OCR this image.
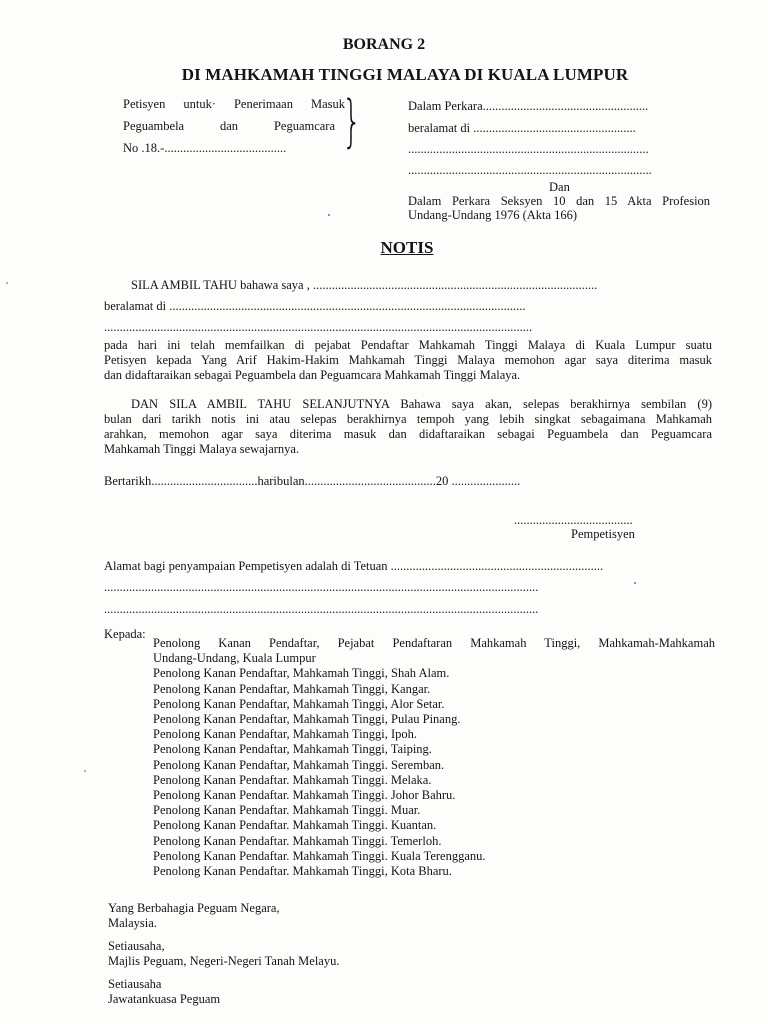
BORANG 2
DI MAHKAMAH TINGGI MALAYA DI KUALA LUMPUR
Petisyen untuk· Penerimaan Masuk
Peguambela	dan	Peguamcara
No .18.-....................................... }	Dalam Perkara.....................................................
beralamat di ....................................................
.............................................................................
..............................................................................
Dan
Dalam Perkara Seksyen 10 dan 15 Akta Profesion
Undang-Undang 1976 (Akta 166)
NOTIS
SILA AMBIL TAHU bahawa saya , ...........................................................................................
beralamat di ..................................................................................................................
.........................................................................................................................................
pada hari ini telah memfailkan di pejabat Pendaftar Mahkamah Tinggi Malaya di Kuala Lumpur suatu
Petisyen kepada Yang Arif Hakim-Hakim Mahkamah Tinggi Malaya memohon agar saya diterima masuk
dan didaftaraikan sebagai Peguambela dan Peguamcara Mahkamah Tinggi Malaya.
DAN SILA AMBIL TAHU SELANJUTNYA Bahawa saya akan, selepas berakhirnya sembilan (9)
bulan dari tarikh notis ini atau selepas berakhirnya tempoh yang lebih singkat sebagaimana Mahkamah
arahkan, memohon agar saya diterima masuk dan didaftaraikan sebagai Peguambela dan Peguamcara
Mahkamah Tinggi Malaya sewajarnya.
Bertarikh..................................haribulan..........................................20 ......................
......................................
Pempetisyen
Alamat bagi penyampaian Pempetisyen adalah di Tetuan ....................................................................
...........................................................................................................................................
...........................................................................................................................................
Kepada:
Penolong Kanan Pendaftar, Pejabat Pendaftaran Mahkamah Tinggi, Mahkamah-Mahkamah
Undang-Undang, Kuala Lumpur
Penolong Kanan Pendaftar, Mahkamah Tinggi, Shah Alam.
Penolong Kanan Pendaftar, Mahkamah Tinggi, Kangar.
Penolong Kanan Pendaftar, Mahkamah Tinggi, Alor Setar.
Penolong Kanan Pendaftar, Mahkamah Tinggi, Pulau Pinang.
Penolong Kanan Pendaftar, Mahkamah Tinggi, Ipoh.
Penolong Kanan Pendaftar, Mahkamah Tinggi, Taiping.
Penolong Kanan Pendaftar, Mahkamah Tinggi. Seremban.
Penolong Kanan Pendaftar. Mahkamah Tinggi. Melaka.
Penolong Kanan Pendaftar. Mahkamah Tinggi. Johor Bahru.
Penolong Kanan Pendaftar. Mahkamah Tinggi. Muar.
Penolong Kanan Pendaftar. Mahkamah Tinggi. Kuantan.
Penolong Kanan Pendaftar. Mahkamah Tinggi. Temerloh.
Penolong Kanan Pendaftar. Mahkamah Tinggi. Kuala Terengganu.
Penolong Kanan Pendaftar. Mahkamah Tinggi, Kota Bharu.
Yang Berbahagia Peguam Negara,
Malaysia.
Setiausaha,
Majlis Peguam, Negeri-Negeri Tanah Melayu.
Setiausaha
Jawatankuasa Peguam
